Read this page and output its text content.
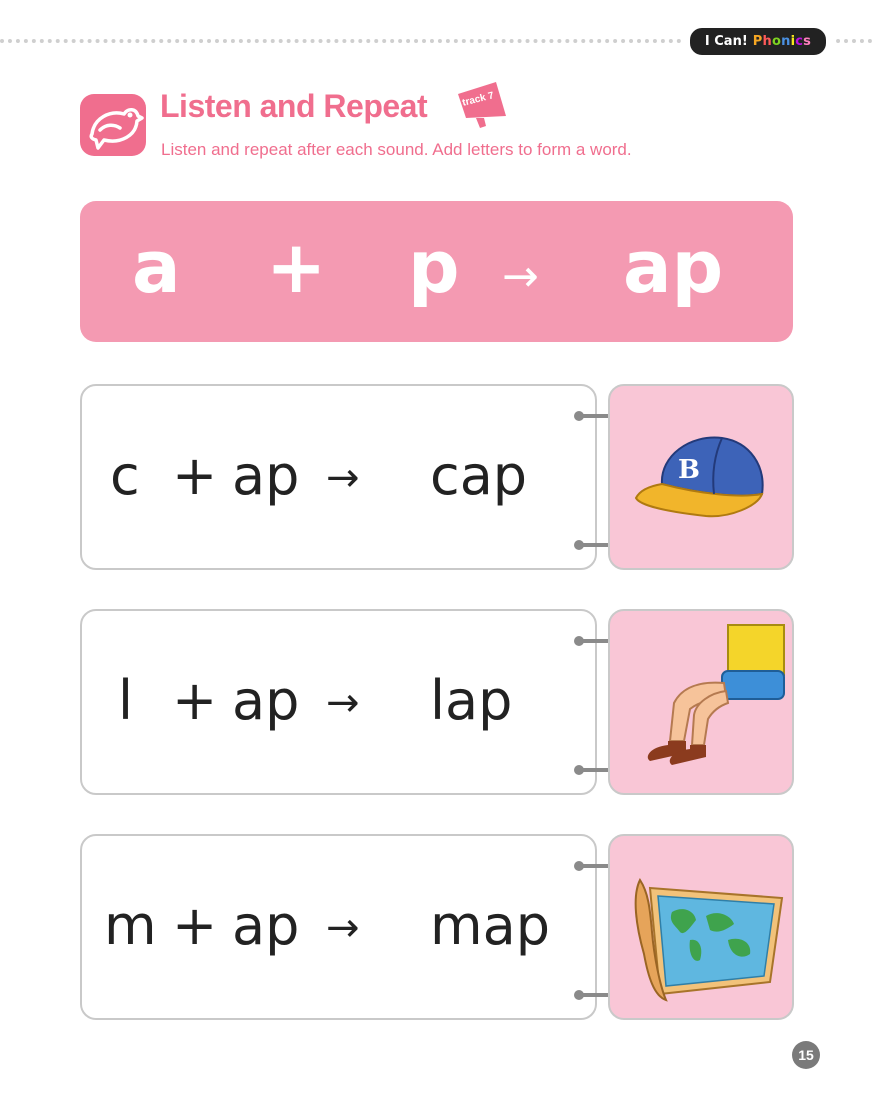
I Can! Phonics
Listen and Repeat	track 7
Listen and repeat after each sound. Add letters to form a word.
a + p → ap
c + ap → cap	B
l + ap → lap
m + ap → map
15
